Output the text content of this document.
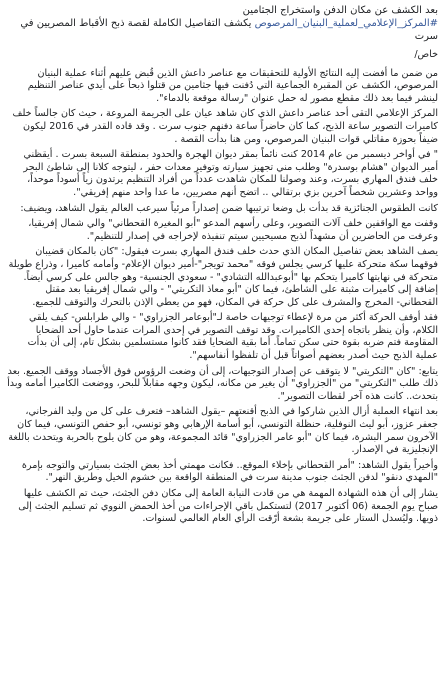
بعد الكشف عن مكان الدفن واستخراج الجثامين
#المركز_الإعلامي_لعملية_البنيان_المرصوص يكشف التفاصيل الكاملة لقصة ذبح الأقباط المصريين في سرت

خاص/

من ضمن ما أفضت إليه النتائج الأولية للتحقيقات مع عناصر داعش الذين قُبض عليهم أثناء عملية البنيان المرصوص، الكشف عن المقبرة الجماعية التي دُفنت فيها جثامين من قتلوا ذبحاً على أيدي عناصر التنظيم لينشر فيما بعد ذلك مقطع مصور له حمل عنوان "رسالة موقعة بالدماء".

المركز الإعلامي التقى أحد عناصر داعش الذي كان شاهد عيان على الجريمة المروعة ، حيث كان جالساً خلف كاميرات التصوير ساعة الذبح، كما كان حاضراً ساعة دفنهم جنوب سرت . وقد قاده القدر في 2016 ليكون ضيفاً بحوزة مقاتلي قوات البنيان المرصوص، ومن هنا بدأت القصة .

" في أواخر ديسمبر من عام 2014 كنت نائماً بمقر ديوان الهجرة والحدود بمنطقة السبعة بسرت . أيقظني أمير الديوان "هشام بوسدرة" وطلب مني تجهيز سيارته وتوفير معدات حفر ، ليتوجه كلانا إلى شاطئ البحر خلف فندق المهاري بسرت، وعند وصولنا للمكان شاهدت عدداً من أفراد التنظيم يرتدون زياً أسوداً موحداً، وواحد وعشرين شخصاً آخرين بزي برتقالي .. اتضح أنهم مصريين، ما عدا واحد منهم إفريقي".

كانت الطقوس الجنائزية قد بدأت بل وضعا ترتيبها ضمن إصداراً مرئياً سيرعب العالم يقول الشاهد، ويضيف:

وقفت مع الواقفين خلف آلات التصوير، وعلى رأسهم المدعو "أبو المغيرة القحطاني" والي شمال إفريقيا، وعرفت من الحاضرين أن مشهداً لذبح مسيحيين سيتم تنفيذه لإخراجه في إصدار للتنظيم".

يصف الشاهد بعض تفاصيل المكان الذي حدث خلف فندق المهاري بسرت فيقول: "كان بالمكان قضيبان فوقهما سكة متحركة عليها كرسي يجلس فوقه "محمد تويجر"-أمير ديوان الإعلام- وأمامه كاميرا ، وذراع طويلة متحركة في نهايتها كاميرا يتحكم بها "أبوعبدالله التشادي" - سعودي الجنسية- وهو جالس على كرسي أيضاً. إضافة إلى كاميرات مثبتة على الشاطئ، فيما كان "أبو معاذ التكريتي" - والي شمال إفريقيا بعد مقتل القحطاني- المخرج والمشرف على كل حركة في المكان، فهو من يعطي الإذن بالتحرك والتوقف للجميع.

فقد أوقف الحركة أكثر من مرة لإعطاء توجيهات خاصة لـ"أبوعامر الجزراوي" - والي طرابلس- كيف يلقي الكلام، وأن ينظر باتجاه إحدى الكاميرات. وقد توقف التصوير في إحدى المرات عندما حاول أحد الضحايا المقاومة فتم ضربه بقوة حتى سكن تماماً. أما بقية الضحايا فقد كانوا مستسلمين بشكل تام، إلى أن بدأت عملية الذبح حيث أصدر بعضهم أصواتاً قبل أن تلفظوا أنفاسهم".

يتابع: "كان "التكريتي" لا يتوقف عن إصدار التوجيهات، إلى أن وضعت الرؤوس فوق الأجساد ووقف الجميع. بعد ذلك طلب "التكريتي" من "الجزراوي" أن يغير من مكانه، ليكون وجهه مقابلاً للبحر، ووضعت الكاميرا أمامه وبدأ بتحدث.. كانت هذه آخر لقطات التصوير".

بعد انتهاء العملية أزال الذين شاركوا في الذبح أقنعتهم –يقول الشاهد– فتعرف على كل من وليد الفرجاني، جعفر عزوز، أبو ليث النوفلية، حنظلة التونسي، أبو أسامة الإرهابي وهو تونسي، أبو حفص التونسي، فيما كان الآخرون سمر البشرة، فيما كان "أبو عامر الجزراوي" قائد المجموعة، وهو من كان يلوح بالحربة ويتحدث باللغة الإنجليزية في الإصدار.

وأخيراً يقول الشاهد: "أمر القحطاني بإخلاء الموقع.. فكانت مهمتي أخذ بعض الجثث بسيارتي والتوجه بإمرة "المهدي دنقو" لدفن الجثث جنوب مدينة سرت في المنطقة الواقعة بين خشوم الخيل وطريق النهر".

يشار إلى أن هذه الشهادة المهمة هي من قادت النيابة العامة إلى مكان دفن الجثث، حيث تم الكشف عليها صباح يوم الجمعة (06 أكتوبر 2017) لتستكمل باقي الإجراءات من أخذ الحمض النووي ثم تسليم الجثث إلى ذويها. وليُسدل الستار على جريمة بشعة أرّقت الرأي العام العالمي لسنوات.
